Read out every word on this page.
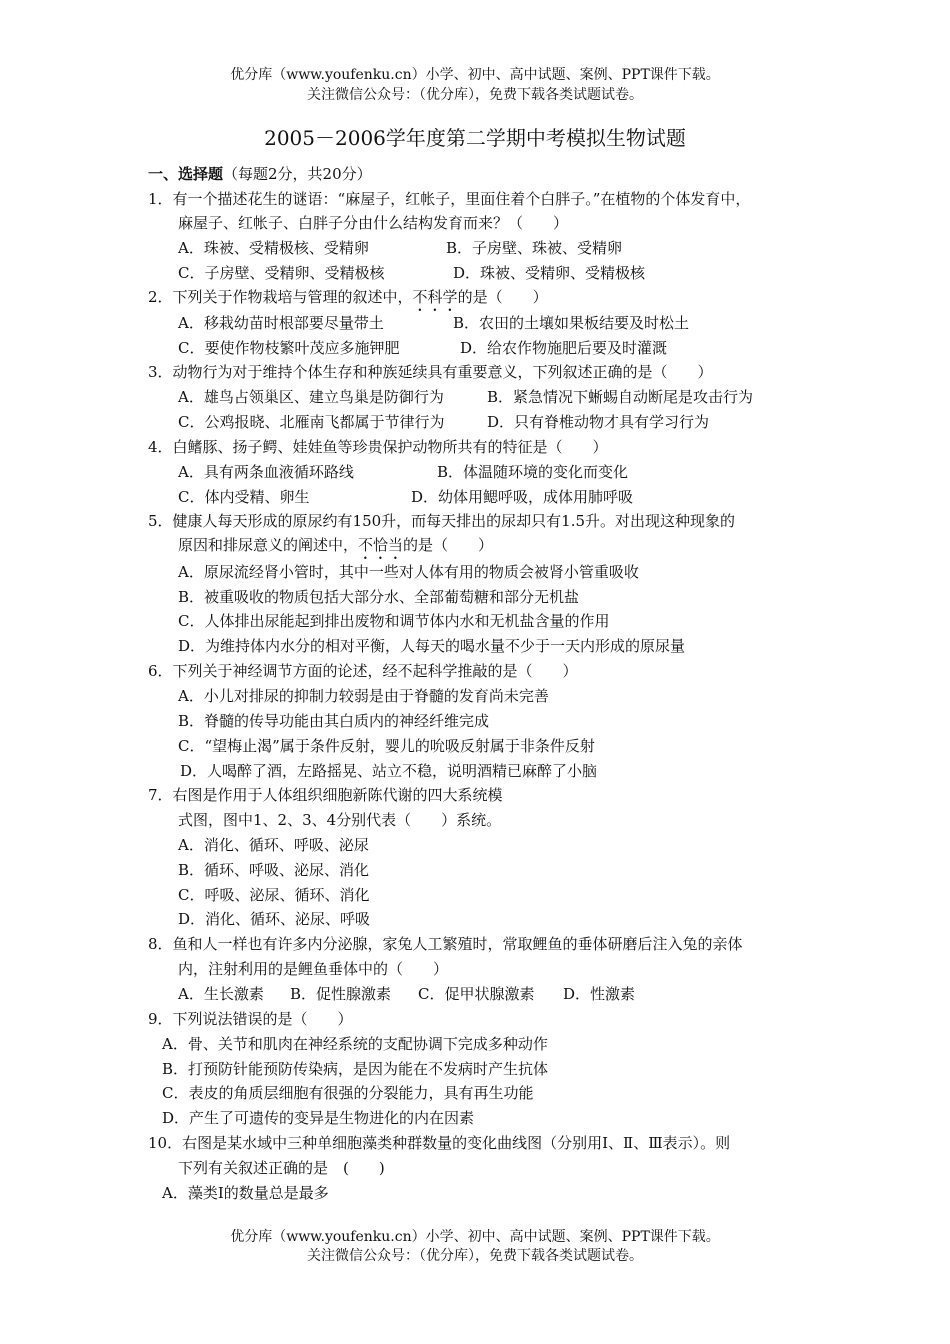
优分库（www.youfenku.cn）小学、初中、高中试题、案例、PPT课件下载。
关注微信公众号：（优分库），免费下载各类试题试卷。
2005－2006学年度第二学期中考模拟生物试题
一、选择题（每题2分，共20分）
1．有一个描述花生的谜语：“麻屋子，红帐子，里面住着个白胖子。”在植物的个体发育中，
麻屋子、红帐子、白胖子分由什么结构发育而来？（　　）
A．珠被、受精极核、受精卵	B．子房壁、珠被、受精卵
C．子房壁、受精卵、受精极核	D．珠被、受精卵、受精极核
2．下列关于作物栽培与管理的叙述中，不科学的是（　　）
A．移栽幼苗时根部要尽量带土	B．农田的土壤如果板结要及时松土
C．要使作物枝繁叶茂应多施钾肥	D．给农作物施肥后要及时灌溉
3．动物行为对于维持个体生存和种族延续具有重要意义，下列叙述正确的是（　　）
A．雄鸟占领巢区、建立鸟巢是防御行为	B．紧急情况下蜥蜴自动断尾是攻击行为
C．公鸡报晓、北雁南飞都属于节律行为	D．只有脊椎动物才具有学习行为
4．白鳍豚、扬子鳄、娃娃鱼等珍贵保护动物所共有的特征是（　　）
A．具有两条血液循环路线	B．体温随环境的变化而变化
C．体内受精、卵生	D．幼体用鳃呼吸，成体用肺呼吸
5．健康人每天形成的原尿约有150升，而每天排出的尿却只有1.5升。对出现这种现象的
原因和排尿意义的阐述中，不恰当的是（　　）
A．原尿流经肾小管时，其中一些对人体有用的物质会被肾小管重吸收
B．被重吸收的物质包括大部分水、全部葡萄糖和部分无机盐
C．人体排出尿能起到排出废物和调节体内水和无机盐含量的作用
D．为维持体内水分的相对平衡，人每天的喝水量不少于一天内形成的原尿量
6．下列关于神经调节方面的论述，经不起科学推敲的是（　　）
A．小儿对排尿的抑制力较弱是由于脊髓的发育尚未完善
B．脊髓的传导功能由其白质内的神经纤维完成
C．“望梅止渴”属于条件反射，婴儿的吮吸反射属于非条件反射
D．人喝醉了酒，左路摇晃、站立不稳，说明酒精已麻醉了小脑
7．右图是作用于人体组织细胞新陈代谢的四大系统模
式图，图中1、2、3、4分别代表（　　）系统。
A．消化、循环、呼吸、泌尿
B．循环、呼吸、泌尿、消化
C．呼吸、泌尿、循环、消化
D．消化、循环、泌尿、呼吸
8．鱼和人一样也有许多内分泌腺，家兔人工繁殖时，常取鲤鱼的垂体研磨后注入兔的亲体
内，注射利用的是鲤鱼垂体中的（　　）
A．生长激素 B．促性腺激素 C．促甲状腺激素 D．性激素
9．下列说法错误的是（　　）
A．骨、关节和肌肉在神经系统的支配协调下完成多种动作
B．打预防针能预防传染病，是因为能在不发病时产生抗体
C．表皮的角质层细胞有很强的分裂能力，具有再生功能
D．产生了可遗传的变异是生物进化的内在因素
10．右图是某水域中三种单细胞藻类种群数量的变化曲线图（分别用Ⅰ、Ⅱ、Ⅲ表示）。则
下列有关叙述正确的是　(　　)
A．藻类Ⅰ的数量总是最多
优分库（www.youfenku.cn）小学、初中、高中试题、案例、PPT课件下载。
关注微信公众号：（优分库），免费下载各类试题试卷。
